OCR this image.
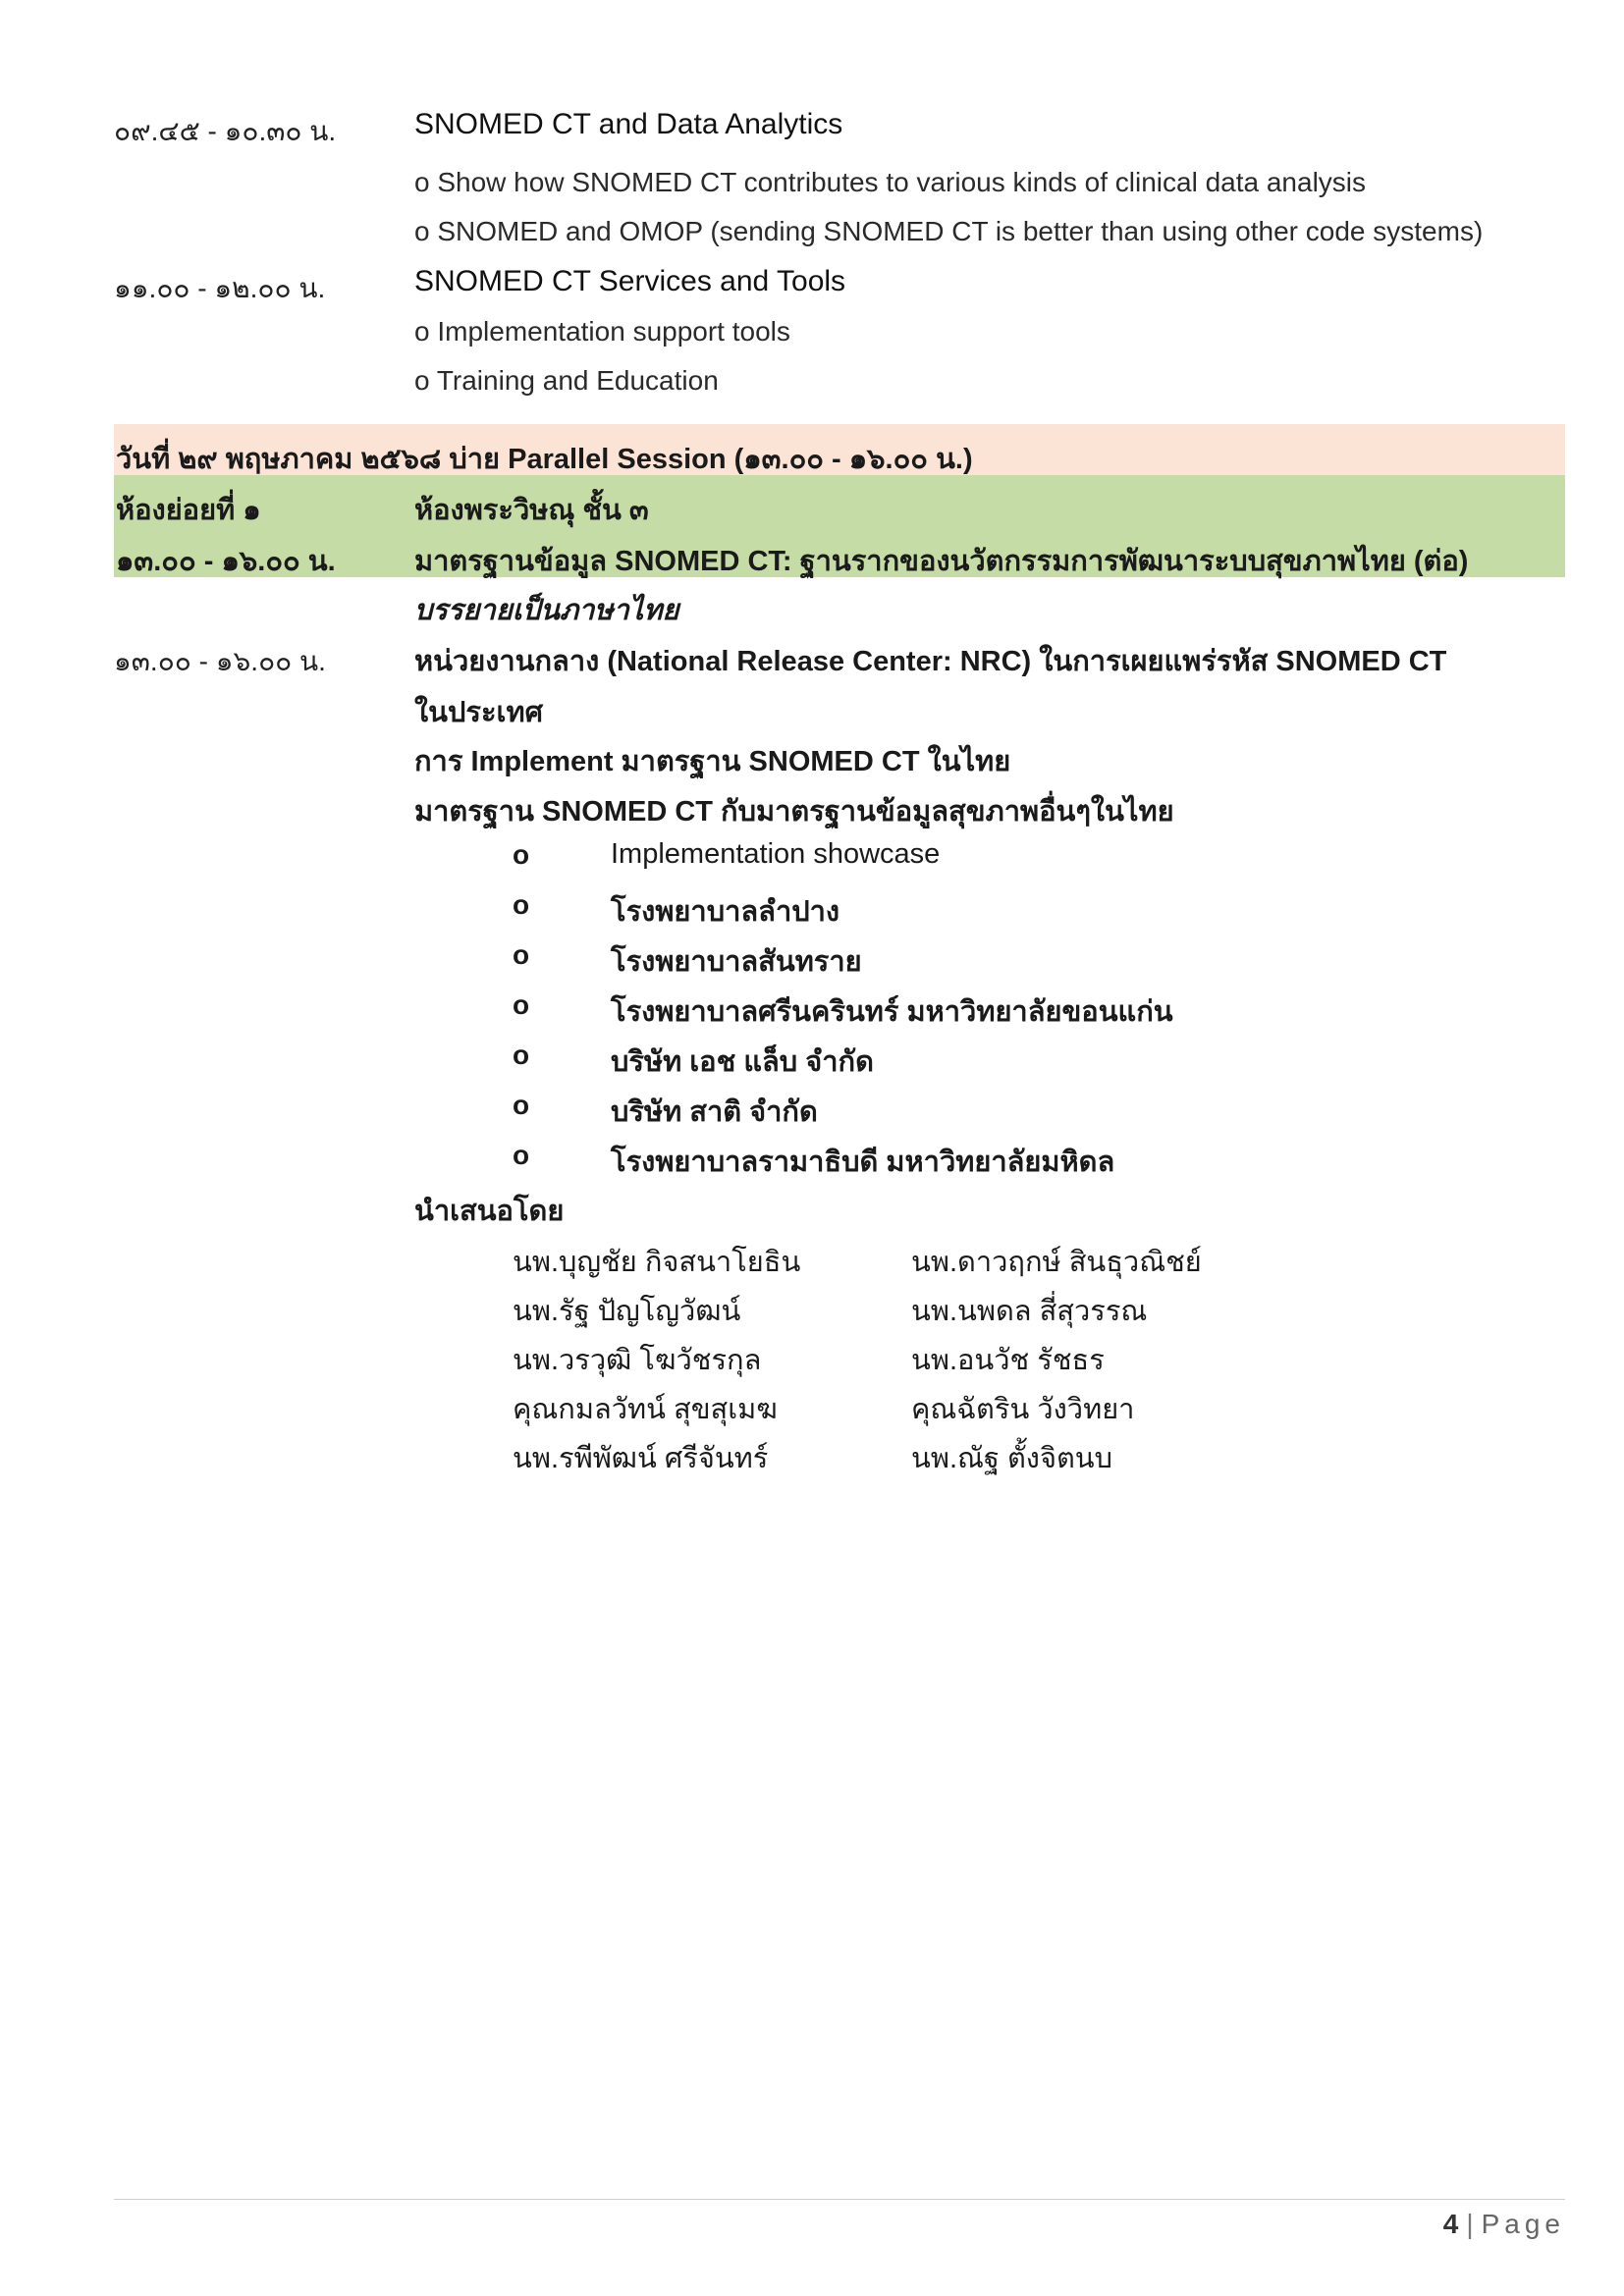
๐๙.๔๕ - ๑๐.๓๐ น.	SNOMED CT and Data Analytics
o Show how SNOMED CT contributes to various kinds of clinical data analysis
o SNOMED and OMOP (sending SNOMED CT is better than using other code systems)
๑๑.๐๐ - ๑๒.๐๐ น.	SNOMED CT Services and Tools
o Implementation support tools
o Training and Education
วันที่ ๒๙ พฤษภาคม ๒๕๖๘ บ่าย Parallel Session (๑๓.๐๐ - ๑๖.๐๐ น.)
ห้องย่อยที่ ๑	ห้องพระวิษณุ ชั้น ๓
๑๓.๐๐ - ๑๖.๐๐ น.	มาตรฐานข้อมูล SNOMED CT: ฐานรากของนวัตกรรมการพัฒนาระบบสุขภาพไทย (ต่อ)
บรรยายเป็นภาษาไทย
๑๓.๐๐ - ๑๖.๐๐ น.	หน่วยงานกลาง (National Release Center: NRC) ในการเผยแพร่รหัส SNOMED CT
ในประเทศ
การ Implement มาตรฐาน SNOMED CT ในไทย
มาตรฐาน SNOMED CT กับมาตรฐานข้อมูลสุขภาพอื่นๆในไทย
o	Implementation showcase
o	โรงพยาบาลลำปาง
o	โรงพยาบาลสันทราย
o	โรงพยาบาลศรีนครินทร์ มหาวิทยาลัยขอนแก่น
o	บริษัท เอช แล็บ จำกัด
o	บริษัท สาติ จำกัด
o	โรงพยาบาลรามาธิบดี มหาวิทยาลัยมหิดล
นำเสนอโดย
นพ.บุญชัย กิจสนาโยธิน	นพ.ดาวฤกษ์ สินธุวณิชย์
นพ.รัฐ ปัญโญวัฒน์	นพ.นพดล สี่สุวรรณ
นพ.วรวุฒิ โฆวัชรกุล	นพ.อนวัช รัชธร
คุณกมลวัทน์ สุขสุเมฆ	คุณฉัตริน วังวิทยา
นพ.รพีพัฒน์ ศรีจันทร์	นพ.ณัฐ ตั้งจิตนบ
4 | Page
